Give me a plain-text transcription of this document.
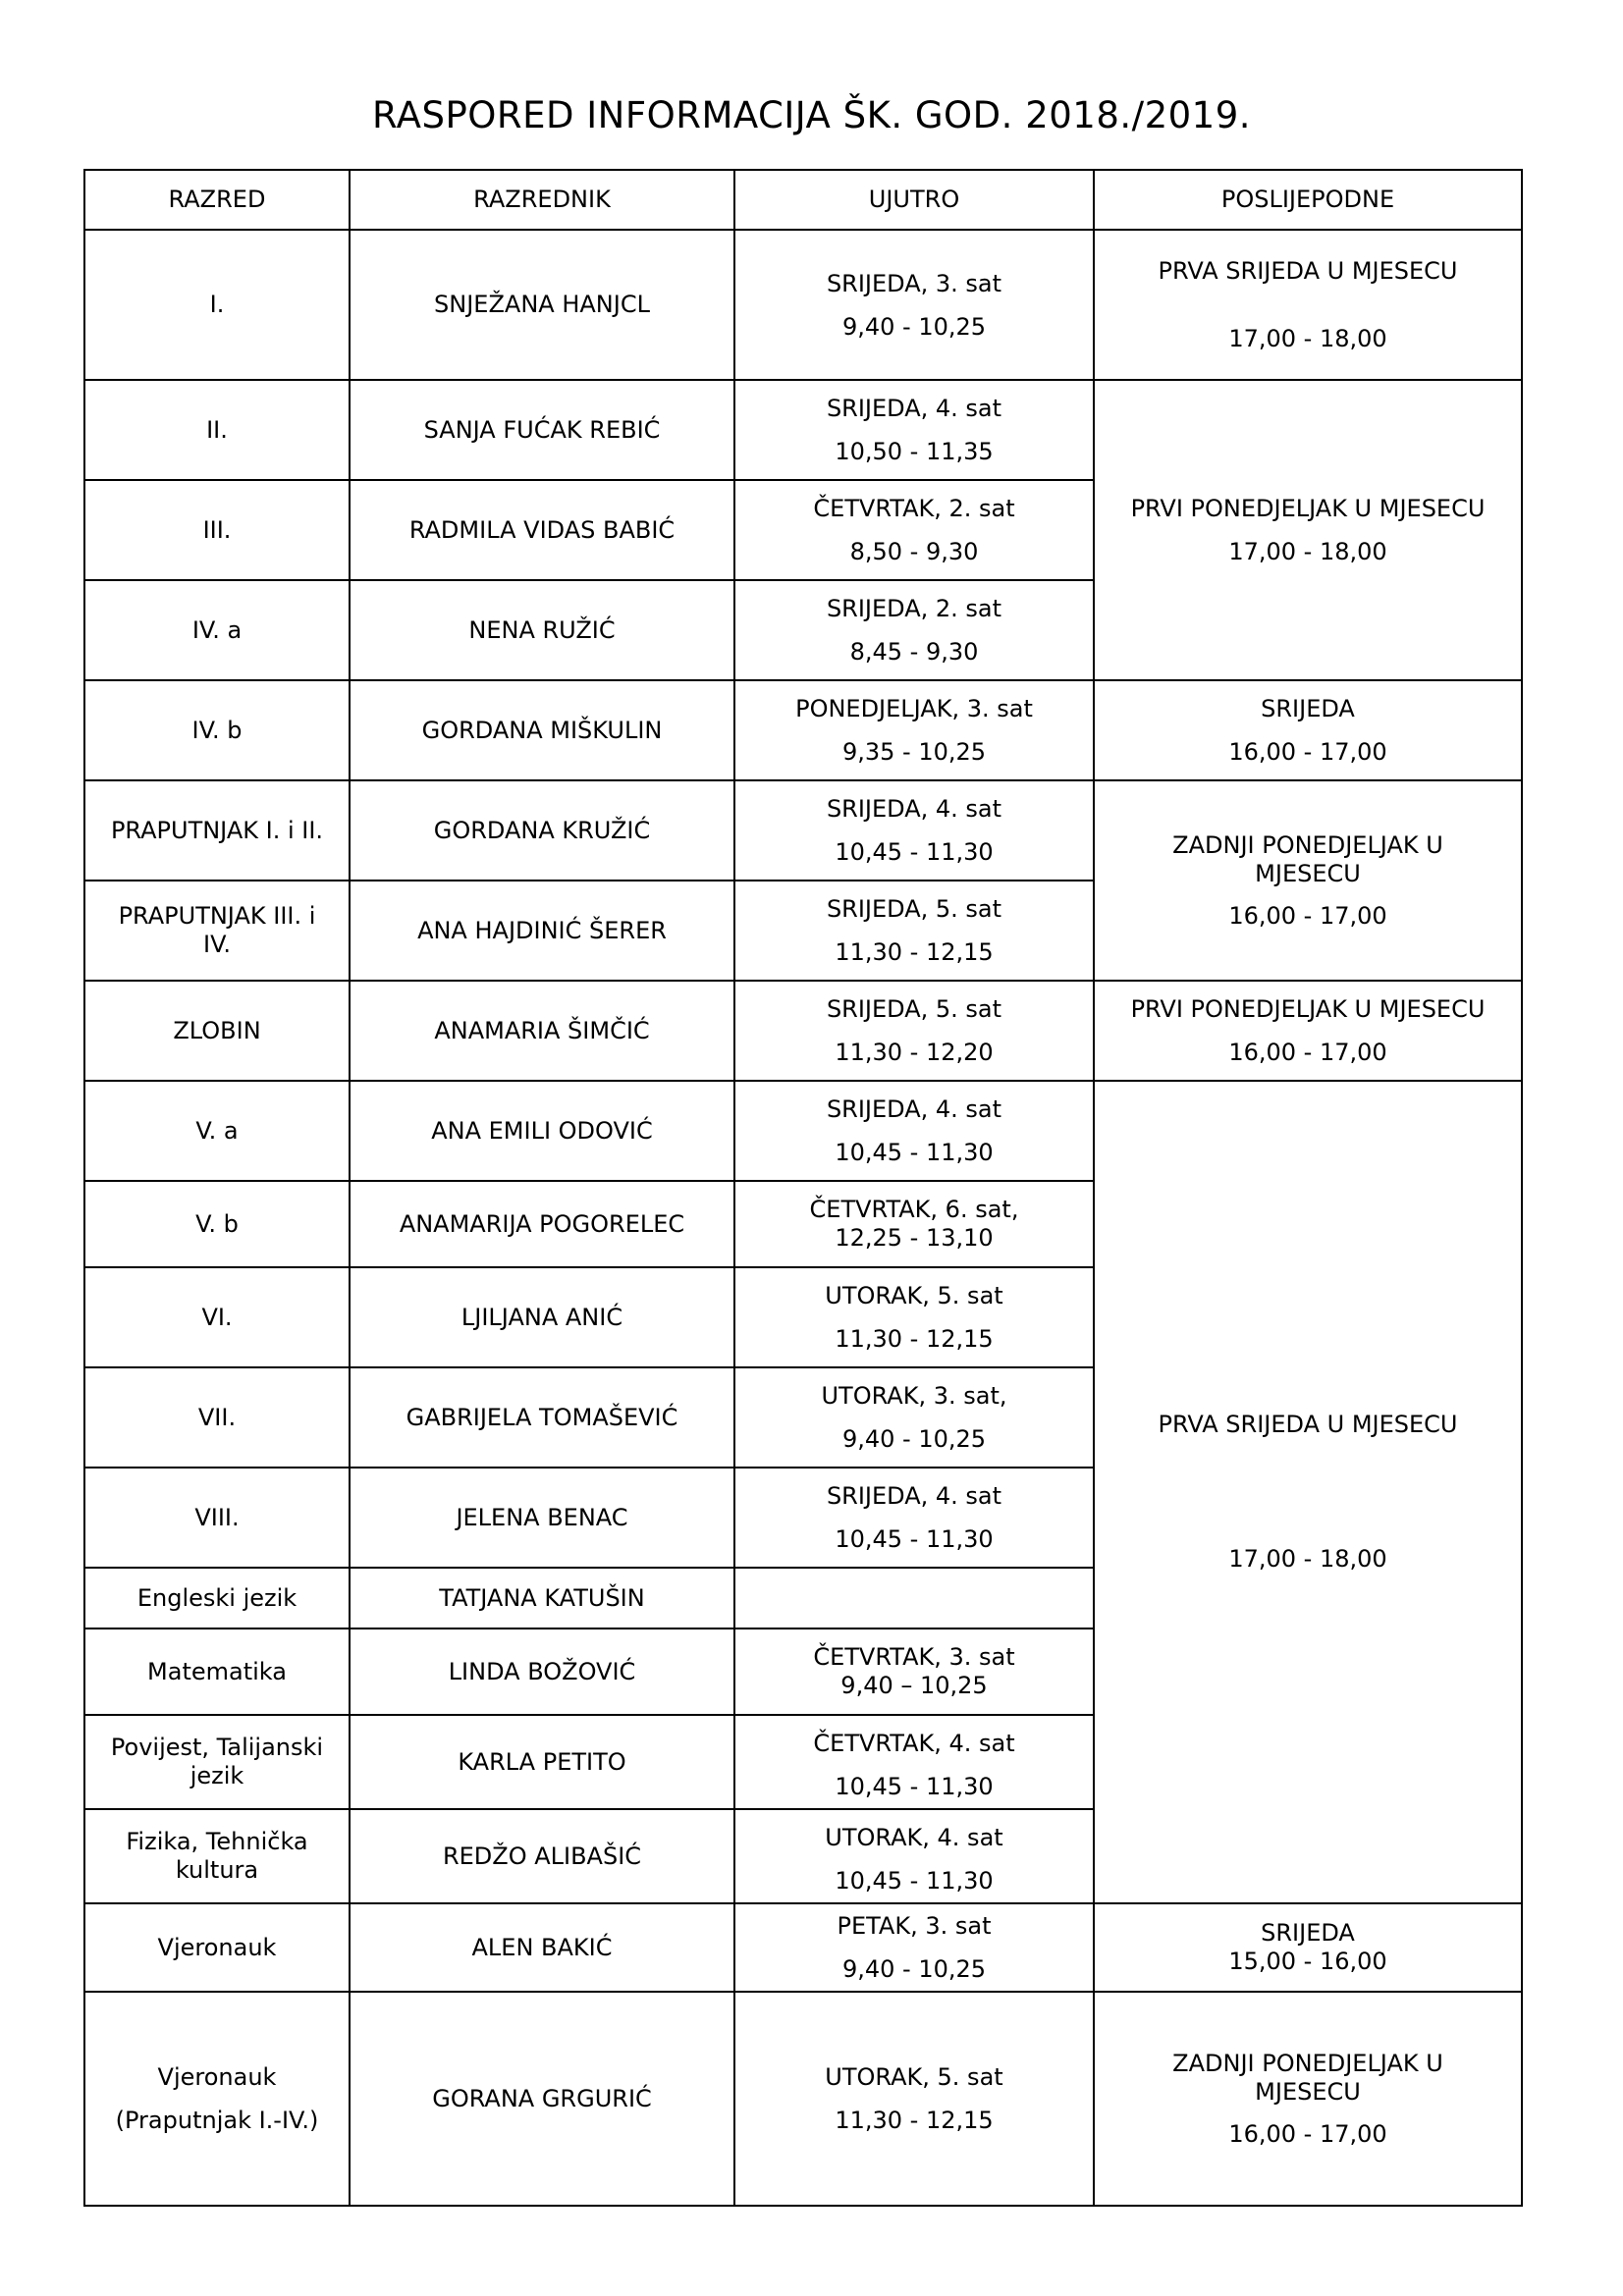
RASPORED INFORMACIJA ŠK. GOD. 2018./2019.
RAZRED	RAZREDNIK	UJUTRO	POSLIJEPODNE
I.	SNJEŽANA HANJCL	SRIJEDA, 3. sat
9,40 - 10,25	PRVA SRIJEDA U MJESECU
17,00 - 18,00

II.	SANJA FUĆAK REBIĆ	SRIJEDA, 4. sat
10,50 - 11,35	PRVI PONEDJELJAK U MJESECU
17,00 - 18,00

III.	RADMILA VIDAS BABIĆ	ČETVRTAK, 2. sat
8,50 - 9,30	

IV. a	NENA RUŽIĆ	SRIJEDA, 2. sat
8,45 - 9,30	

IV. b	GORDANA MIŠKULIN	PONEDJELJAK, 3. sat
9,35 - 10,25	SRIJEDA
16,00 - 17,00

PRAPUTNJAK I. i II.	GORDANA KRUŽIĆ	SRIJEDA, 4. sat
10,45 - 11,30	ZADNJI PONEDJELJAK U MJESECU
16,00 - 17,00

PRAPUTNJAK III. i IV.	ANA HAJDINIĆ ŠERER	SRIJEDA, 5. sat
11,30 - 12,15	

ZLOBIN	ANAMARIA ŠIMČIĆ	SRIJEDA, 5. sat
11,30 - 12,20	PRVI PONEDJELJAK U MJESECU
16,00 - 17,00

V. a	ANA EMILI ODOVIĆ	SRIJEDA, 4. sat
10,45 - 11,30	PRVA SRIJEDA U MJESECU
17,00 - 18,00

V. b	ANAMARIJA POGORELEC	ČETVRTAK, 6. sat,
12,25 - 13,10	

VI.	LJILJANA ANIĆ	UTORAK, 5. sat
11,30 - 12,15	

VII.	GABRIJELA TOMAŠEVIĆ	UTORAK, 3. sat,
9,40 - 10,25	

VIII.	JELENA BENAC	SRIJEDA, 4. sat
10,45 - 11,30	

Engleski jezik	TATJANA KATUŠIN		

Matematika	LINDA BOŽOVIĆ	ČETVRTAK, 3. sat
9,40 – 10,25	

Povijest, Talijanski jezik	KARLA PETITO	ČETVRTAK, 4. sat
10,45 - 11,30	

Fizika, Tehnička kultura	REDŽO ALIBAŠIĆ	UTORAK, 4. sat
10,45 - 11,30	

Vjeronauk	ALEN BAKIĆ	PETAK, 3. sat
9,40 - 10,25	SRIJEDA
15,00 - 16,00

Vjeronauk
(Praputnjak I.-IV.)	GORANA GRGURIĆ	UTORAK, 5. sat
11,30 - 12,15	ZADNJI PONEDJELJAK U MJESECU
16,00 - 17,00
